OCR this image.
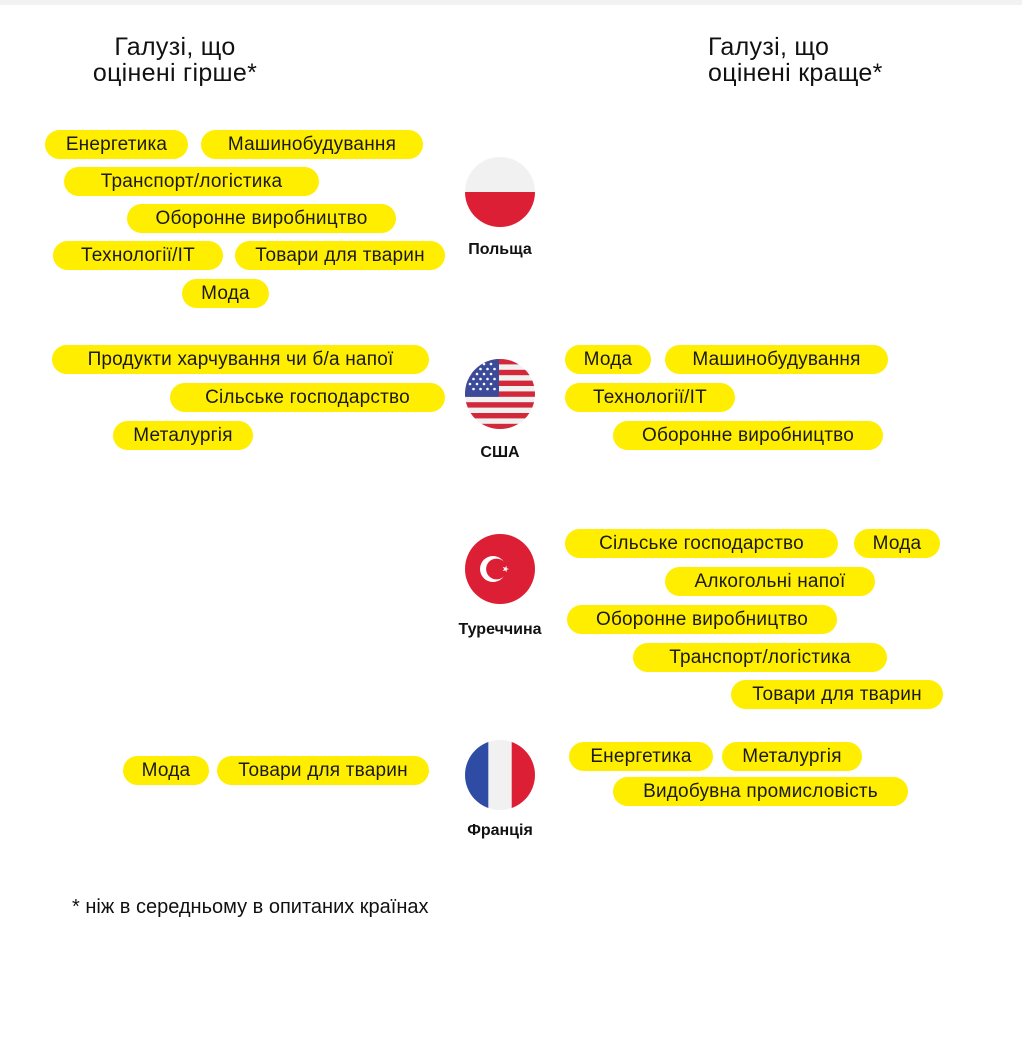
Галузі, що
оцінені гірше*
Галузі, що
оцінені краще*
Енергетика	Машинобудування
Транспорт/логістика
Оборонне виробництво
Технології/IT	Товари для тварин
Мода
Польща
Продукти харчування чи б/а напої
Сільське господарство
Металургія
США
Мода	Машинобудування
Технології/IT
Оборонне виробництво
Туреччина
Сільське господарство	Мода
Алкогольні напої
Оборонне виробництво
Транспорт/логістика
Товари для тварин
Мода	Товари для тварин
Франція
Енергетика	Металургія
Видобувна промисловість
* ніж в середньому в опитаних країнах
